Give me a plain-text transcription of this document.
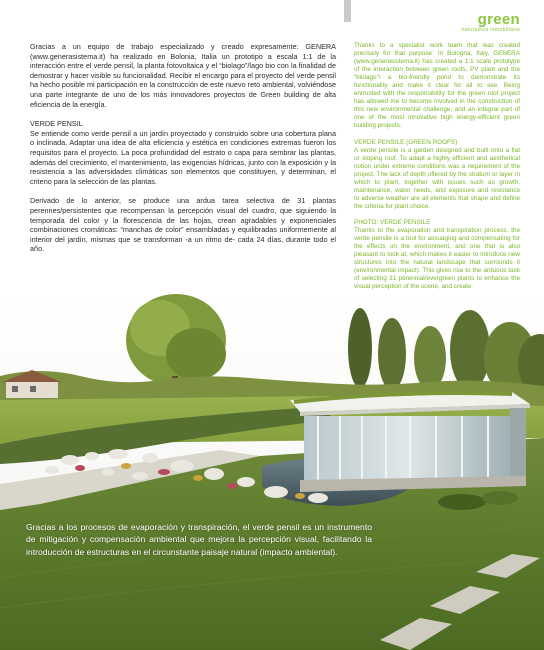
Gracias a un equipo de trabajo especializado y creado expresamente: GENERA (www.generasistema.it) ha realizado en Bolonia, Italia un prototipo a escala 1:1 de la interacción entre el verde pensil, la planta fotovoltaica y el “biolago”/lago bio con la finalidad de demostrar y hacer visible su funcionalidad. Recibir el encargo para el proyecto del verde pensil ha hecho posible mi participación en la construcción de este nuevo reto ambiental, volviéndose una parte integrante de uno de los más innovadores proyectos de Green building de alta eficiencia de la energía.

VERDE PENSIL

Se entiende como verde pensil a un jardín proyectado y construido sobre una cobertura plana o inclinada. Adaptar una idea de alta eficiencia y estética en condiciones extremas fueron los requisitos para el proyecto. La poca profundidad del estrato o capa para sembrar las plantas, además del crecimiento, el mantenimiento, las exigencias hídricas, junto con la exposición y la resistencia a las adversidades climáticas son elementos que constituyen, y determinan, el criterio para la selección de las plantas.

Derivado de lo anterior, se produce una ardua tarea selectiva de 31 plantas perennes/persistentes que recompensan la percepción visual del cuadro, que siguiendo la temporada del color y la florescencia de las hojas, crean agradables y exponenciales combinaciones cromáticas: “manchas de color” ensambladas y equilibradas uniformemente al interior del jardín, mismas que se transforman -a un ritmo de- cada 24 días, durante todo el año.

green
naturaleza inmobiliaria

Thanks to a specialist work team that was created precisely for that purpose: In Bologna, Italy, GENERA (www.generasistema.it) has created a 1:1 scale prototype of the interaction between green roofs, PV plant and the “biolago”/ a bio-friendly pond to demonstrate its functionality and make it clear for all to see. Being entrusted with the responsibility for the green roof project has allowed me to become involved in the construction of this new environmental challenge, and an integral part of one of the most innovative high energy-efficient green building projects.

VERDE PENSILE (GREEN ROOFS)

A verde pensile is a garden designed and built onto a flat or sloping roof. To adapt a highly efficient and aesthetical notion under extreme conditions was a requirement of the project. The lack of depth offered by the stratum or layer in which to plant, together with issues such as growth, maintenance, water needs, and exposure and resistance to adverse weather are all elements that shape and define the criteria for plant choice.

PHOTO: VERDE PENSILE

Thanks to the evaporation and transpiration process, the verde pensile is a tool for assuaging and compensating for the effects on the environment, and one that is also pleasant to look at, which makes it easier to introduce new structures into the natural landscape that surrounds it (environmental impact). This gives rise to the arduous task of selecting 31 perennial/evergreen plants to enhance the visual perception of the scene, and create

Gracias a los procesos de evaporación y transpiración, el verde pensil es un instrumento de mitigación y compensación ambiental que mejora la percepción visual, facilitando la introducción de estructuras en el circunstante paisaje natural (impacto ambiental).
